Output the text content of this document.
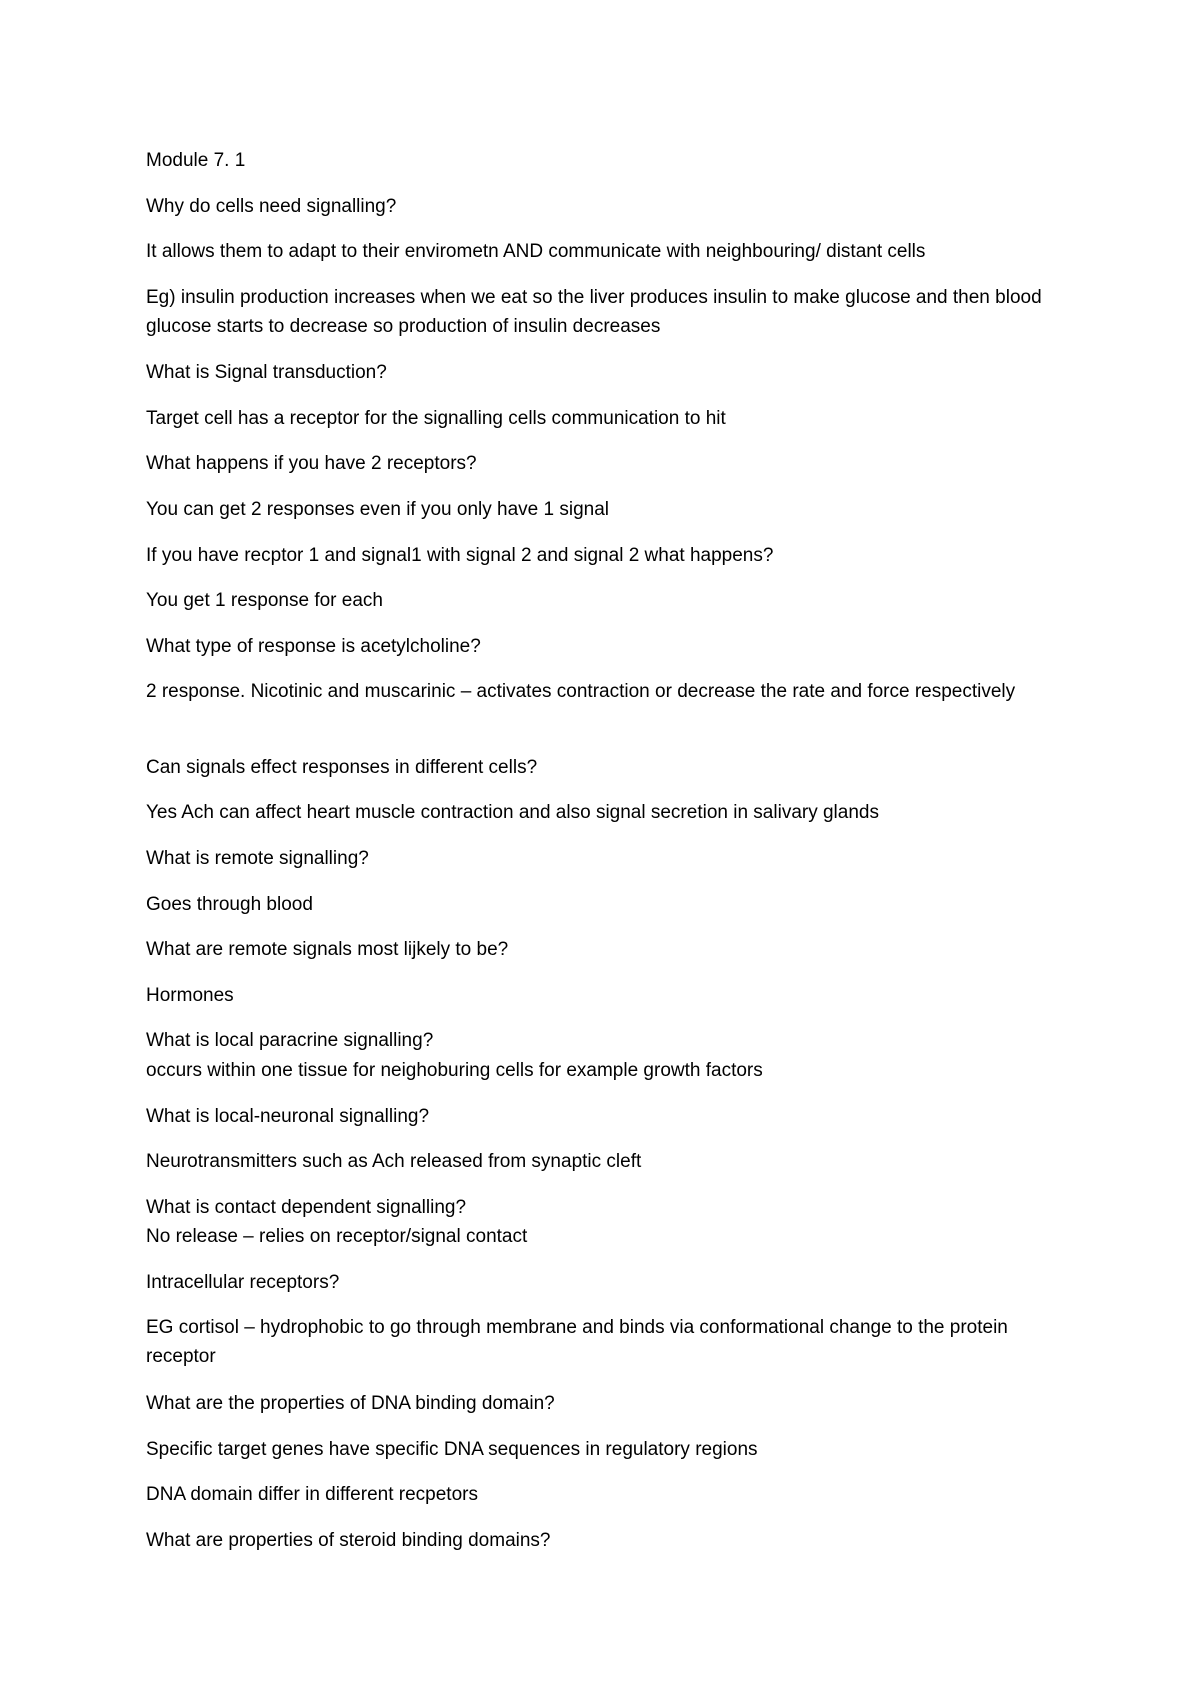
Module 7. 1
Why do cells need signalling?
It allows them to adapt to their envirometn AND communicate with neighbouring/ distant cells
Eg) insulin production increases when we eat so the liver produces insulin to make glucose and then blood glucose starts to decrease so production of insulin decreases
What is Signal transduction?
Target cell has a receptor for the signalling cells communication to hit
What happens if you have 2 receptors?
You can get 2 responses even if you only have 1 signal
If you have recptor 1 and signal1 with signal 2 and signal 2 what happens?
You get 1 response for each
What type of response is acetylcholine?
2 response. Nicotinic and muscarinic – activates contraction or decrease the rate and force respectively
Can signals effect responses in different cells?
Yes Ach can affect heart muscle contraction and also signal secretion in salivary glands
What is remote signalling?
Goes through blood
What are remote signals most lijkely to be?
Hormones
What is local paracrine signalling?
occurs within one tissue for neighoburing cells for example growth factors
What is local-neuronal signalling?
Neurotransmitters such as Ach released from synaptic cleft
What is contact dependent signalling?
No release – relies on receptor/signal contact
Intracellular receptors?
EG cortisol – hydrophobic to go through membrane and binds via conformational change to the protein receptor
What are the properties of DNA binding domain?
Specific target genes have specific DNA sequences in regulatory regions
DNA domain differ in different recpetors
What are properties of steroid binding domains?
